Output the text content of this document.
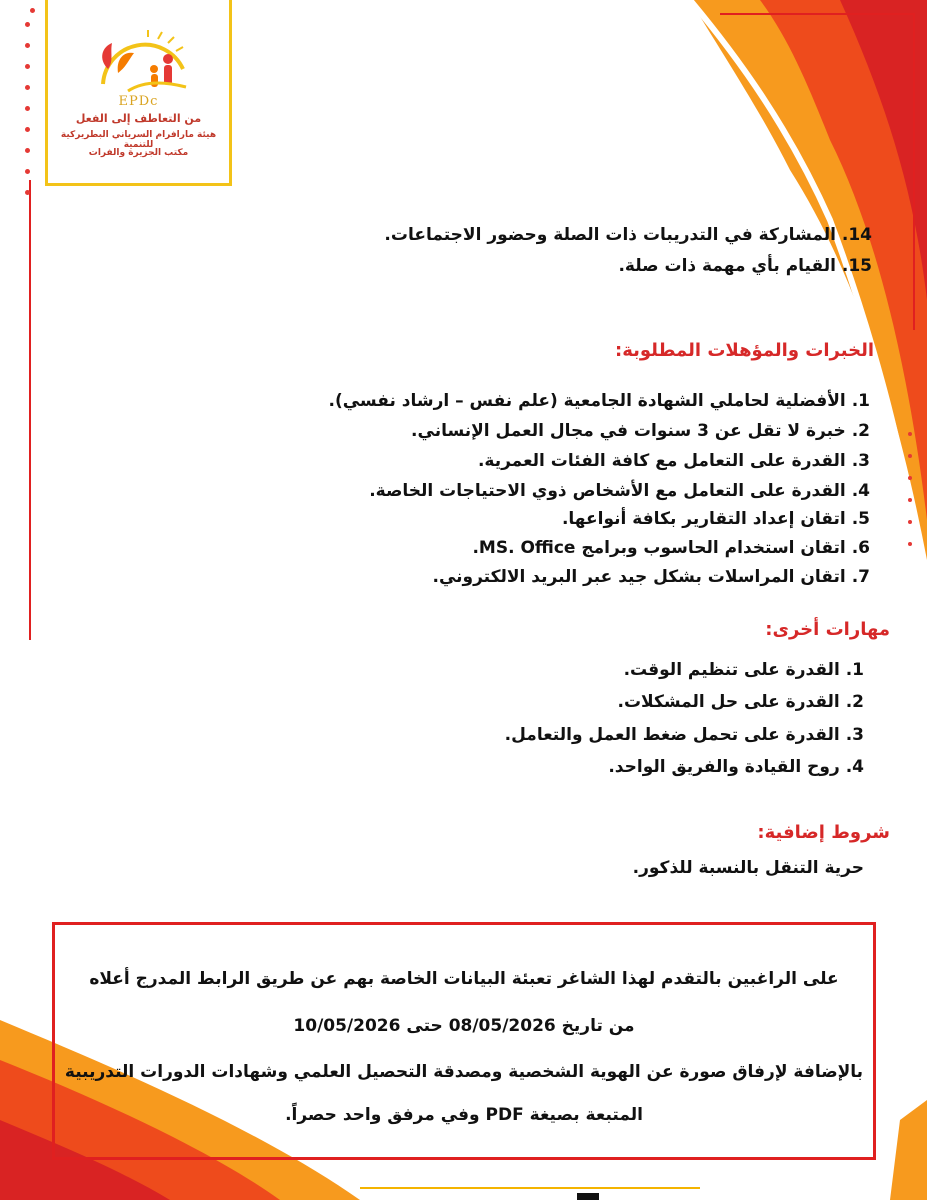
EPDc
من التعاطف إلى الفعل
هيئة مارافرام السرياني البطريركية للتنمية
مكتب الجزيرة والفرات

14. المشاركة في التدريبات ذات الصلة وحضور الاجتماعات.

15. القيام بأي مهمة ذات صلة.

الخبرات والمؤهلات المطلوبة:

1. الأفضلية لحاملي الشهادة الجامعية (علم نفس – ارشاد نفسي).

2. خبرة لا تقل عن 3 سنوات في مجال العمل الإنساني.

3. القدرة على التعامل مع كافة الفئات العمرية.

4. القدرة على التعامل مع الأشخاص ذوي الاحتياجات الخاصة.

5. اتقان إعداد التقارير بكافة أنواعها.

6. اتقان استخدام الحاسوب وبرامج MS. Office.

7. اتقان المراسلات بشكل جيد عبر البريد الالكتروني.

مهارات أخرى:

1. القدرة على تنظيم الوقت.

2. القدرة على حل المشكلات.

3. القدرة على تحمل ضغط العمل والتعامل.

4. روح القيادة والفريق الواحد.

شروط إضافية:

حرية التنقل بالنسبة للذكور.

على الراغبين بالتقدم لهذا الشاغر تعبئة البيانات الخاصة بهم عن طريق الرابط المدرج أعلاه

من تاريخ 08/05/2026 حتى 10/05/2026

بالإضافة لإرفاق صورة عن الهوية الشخصية ومصدقة التحصيل العلمي وشهادات الدورات التدريبية

المتبعة بصيغة PDF وفي مرفق واحد حصراً.
